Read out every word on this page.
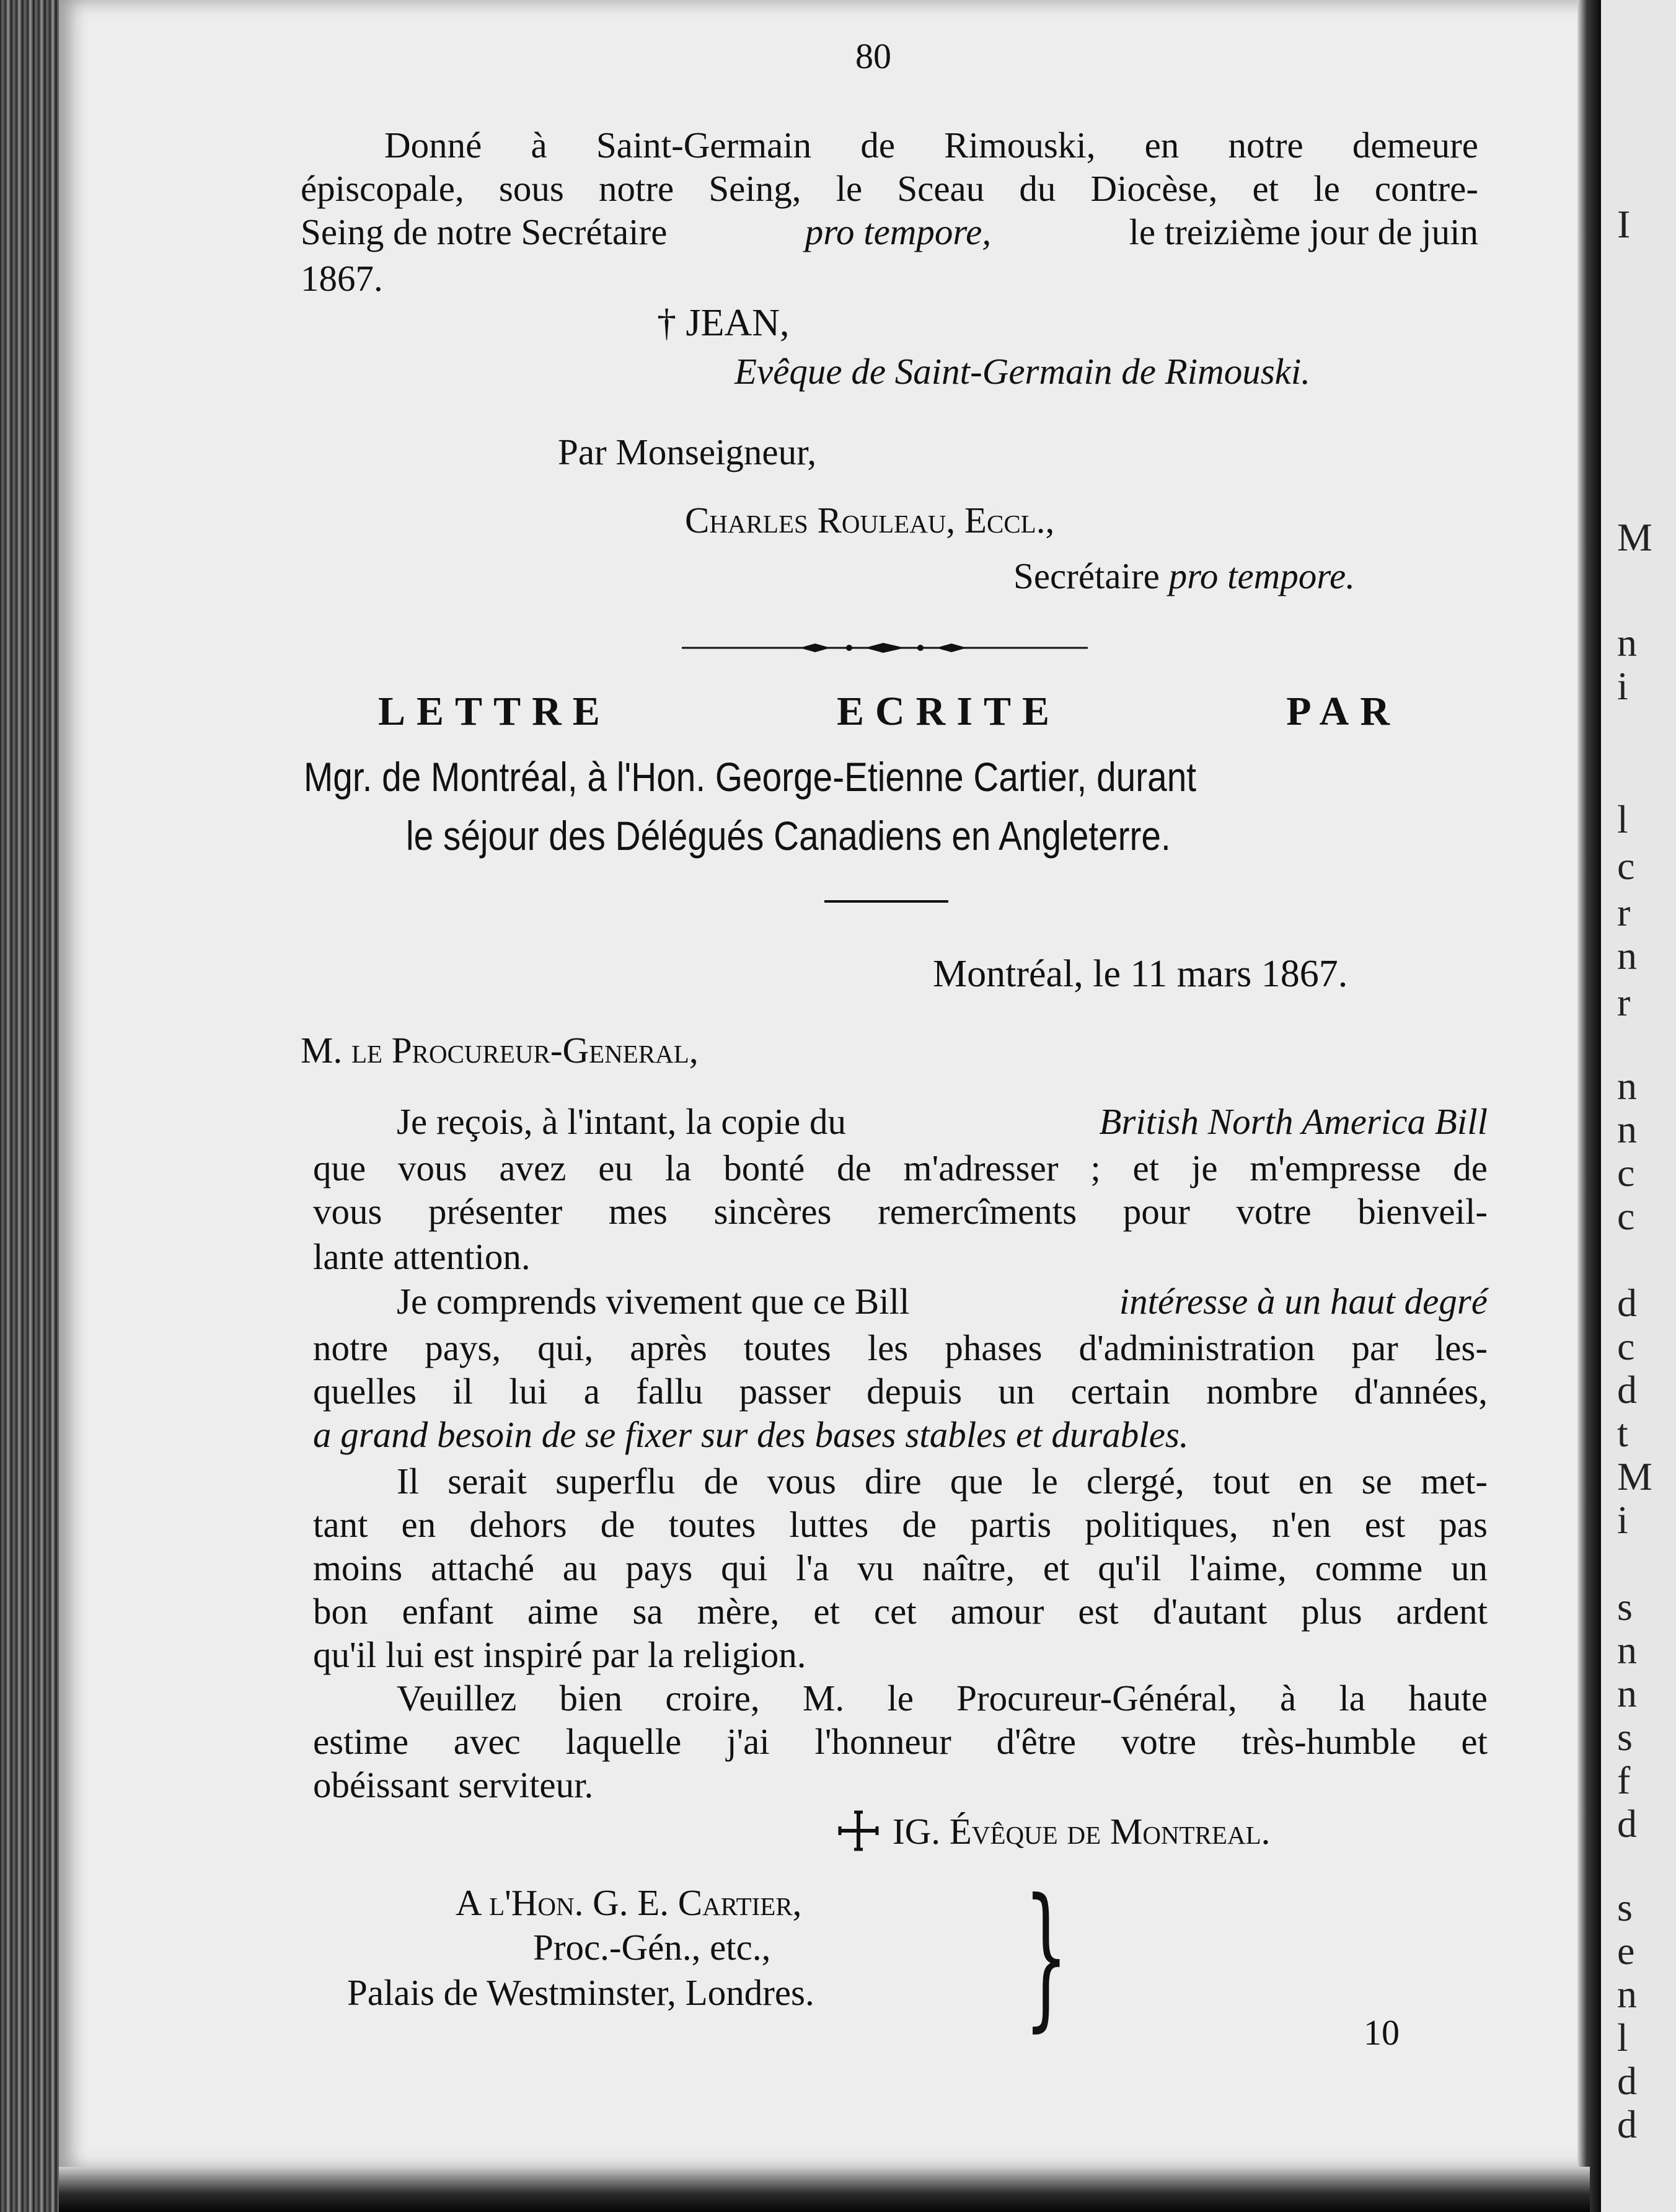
I
M
n
i
l
c
r
n
r
n
n
c
c
d
c
d
t
M
i
s
n
n
s
f
d
s
e
n
l
d
d
80
Donné à Saint-Germain de Rimouski, en notre demeure
épiscopale, sous notre Seing, le Sceau du Diocèse, et le contre-
Seing de notre Secrétaire	pro tempore,	le treizième jour de juin
1867.
† JEAN,
Evêque de Saint-Germain de Rimouski.
Par Monseigneur,
Charles Rouleau, Eccl.,
Secrétaire pro tempore.
LETTRE ECRITE PAR
Mgr. de Montréal, à l'Hon. George-Etienne Cartier, durant
le séjour des Délégués Canadiens en Angleterre.
Montréal, le 11 mars 1867.
M. le Procureur-General,
Je reçois, à l'intant, la copie du	British North America Bill
que vous avez eu la bonté de m'adresser ; et je m'empresse de
vous présenter mes sincères remercîments pour votre bienveil-
lante attention.
Je comprends vivement que ce Bill	intéresse à un haut degré
notre pays, qui, après toutes les phases d'administration par les-
quelles il lui a fallu passer depuis un certain nombre d'années,
a grand besoin de se fixer sur des bases stables et durables.
Il serait superflu de vous dire que le clergé, tout en se met-
tant en dehors de toutes luttes de partis politiques, n'en est pas
moins attaché au pays qui l'a vu naître, et qu'il l'aime, comme un
bon enfant aime sa mère, et cet amour est d'autant plus ardent
qu'il lui est inspiré par la religion.
Veuillez bien croire, M. le Procureur-Général, à la haute
estime avec laquelle j'ai l'honneur d'être votre très-humble et
obéissant serviteur.
IG. Évêque de Montreal.
A l'Hon. G. E. Cartier,
Proc.-Gén., etc.,
Palais de Westminster, Londres. }	10
